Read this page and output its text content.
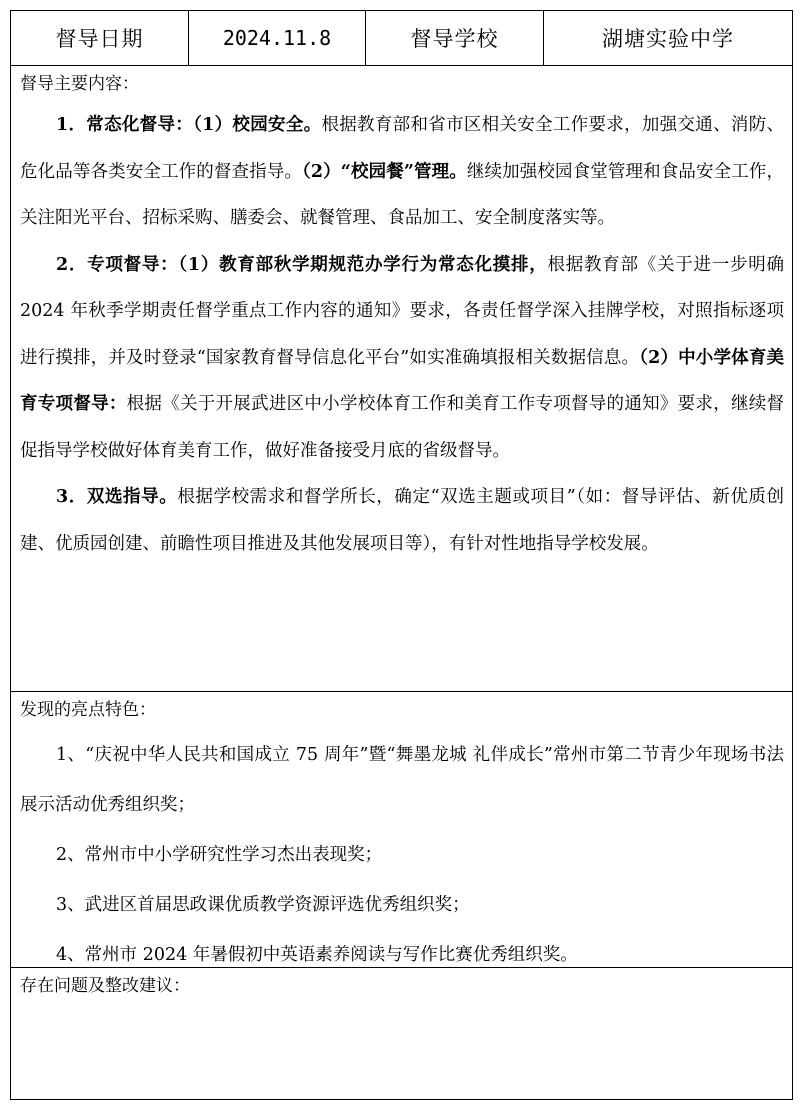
督导日期	2024.11.8	督导学校	湖塘实验中学
督导主要内容：

1．常态化督导：（1）校园安全。根据教育部和省市区相关安全工作要求，加强交通、消防、危化品等各类安全工作的督查指导。（2）“校园餐”管理。继续加强校园食堂管理和食品安全工作，关注阳光平台、招标采购、膳委会、就餐管理、食品加工、安全制度落实等。

2．专项督导：（1）教育部秋学期规范办学行为常态化摸排，根据教育部《关于进一步明确 2024 年秋季学期责任督学重点工作内容的通知》要求，各责任督学深入挂牌学校，对照指标逐项进行摸排，并及时登录“国家教育督导信息化平台”如实准确填报相关数据信息。（2）中小学体育美育专项督导：根据《关于开展武进区中小学校体育工作和美育工作专项督导的通知》要求，继续督促指导学校做好体育美育工作，做好准备接受月底的省级督导。

3．双选指导。根据学校需求和督学所长，确定“双选主题或项目”（如：督导评估、新优质创建、优质园创建、前瞻性项目推进及其他发展项目等），有针对性地指导学校发展。

发现的亮点特色：

1、“庆祝中华人民共和国成立 75 周年”暨“舞墨龙城 礼伴成长”常州市第二节青少年现场书法展示活动优秀组织奖；

2、常州市中小学研究性学习杰出表现奖；

3、武进区首届思政课优质教学资源评选优秀组织奖；

4、常州市 2024 年暑假初中英语素养阅读与写作比赛优秀组织奖。

存在问题及整改建议：
